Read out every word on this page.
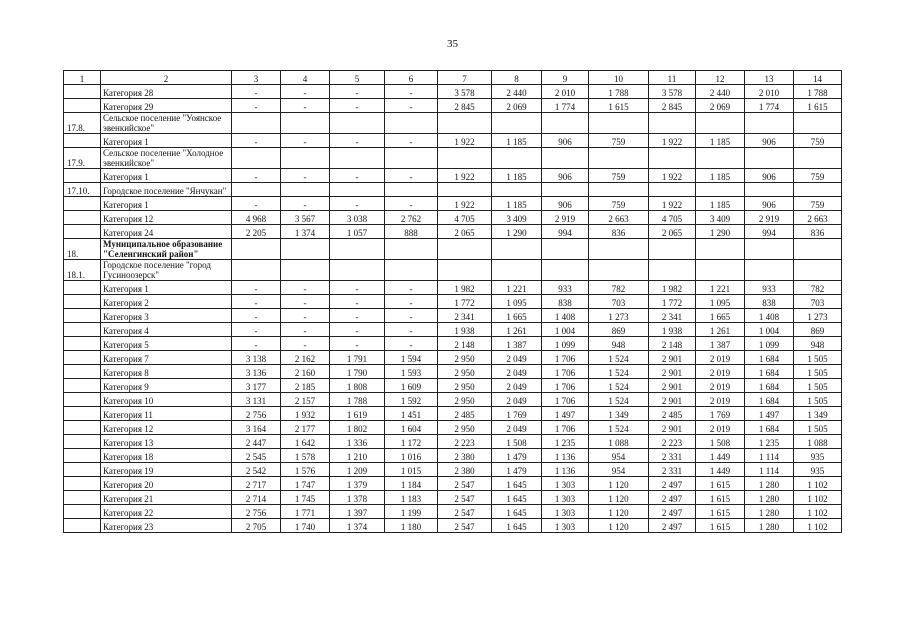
35
1	2	3	4	5	6	7	8	9	10	11	12	13	14
	Категория 28	-	-	-	-	3 578	2 440	2 010	1 788	3 578	2 440	2 010	1 788
	Категория 29	-	-	-	-	2 845	2 069	1 774	1 615	2 845	2 069	1 774	1 615
17.8.	Сельское поселение "Уоянское эвенкийское"												
	Категория 1	-	-	-	-	1 922	1 185	906	759	1 922	1 185	906	759
17.9.	Сельское поселение "Холодное эвенкийское"												
	Категория 1	-	-	-	-	1 922	1 185	906	759	1 922	1 185	906	759
17.10.	Городское поселение "Янчукан"												
	Категория 1	-	-	-	-	1 922	1 185	906	759	1 922	1 185	906	759
	Категория 12	4 968	3 567	3 038	2 762	4 705	3 409	2 919	2 663	4 705	3 409	2 919	2 663
	Категория 24	2 205	1 374	1 057	888	2 065	1 290	994	836	2 065	1 290	994	836
18.	Муниципальное образование "Селенгинский район"												
18.1.	Городское поселение "город Гусиноозерск"												
	Категория 1	-	-	-	-	1 982	1 221	933	782	1 982	1 221	933	782
	Категория 2	-	-	-	-	1 772	1 095	838	703	1 772	1 095	838	703
	Категория 3	-	-	-	-	2 341	1 665	1 408	1 273	2 341	1 665	1 408	1 273
	Категория 4	-	-	-	-	1 938	1 261	1 004	869	1 938	1 261	1 004	869
	Категория 5	-	-	-	-	2 148	1 387	1 099	948	2 148	1 387	1 099	948
	Категория 7	3 138	2 162	1 791	1 594	2 950	2 049	1 706	1 524	2 901	2 019	1 684	1 505
	Категория 8	3 136	2 160	1 790	1 593	2 950	2 049	1 706	1 524	2 901	2 019	1 684	1 505
	Категория 9	3 177	2 185	1 808	1 609	2 950	2 049	1 706	1 524	2 901	2 019	1 684	1 505
	Категория 10	3 131	2 157	1 788	1 592	2 950	2 049	1 706	1 524	2 901	2 019	1 684	1 505
	Категория 11	2 756	1 932	1 619	1 451	2 485	1 769	1 497	1 349	2 485	1 769	1 497	1 349
	Категория 12	3 164	2 177	1 802	1 604	2 950	2 049	1 706	1 524	2 901	2 019	1 684	1 505
	Категория 13	2 447	1 642	1 336	1 172	2 223	1 508	1 235	1 088	2 223	1 508	1 235	1 088
	Категория 18	2 545	1 578	1 210	1 016	2 380	1 479	1 136	954	2 331	1 449	1 114	935
	Категория 19	2 542	1 576	1 209	1 015	2 380	1 479	1 136	954	2 331	1 449	1 114	935
	Категория 20	2 717	1 747	1 379	1 184	2 547	1 645	1 303	1 120	2 497	1 615	1 280	1 102
	Категория 21	2 714	1 745	1 378	1 183	2 547	1 645	1 303	1 120	2 497	1 615	1 280	1 102
	Категория 22	2 756	1 771	1 397	1 199	2 547	1 645	1 303	1 120	2 497	1 615	1 280	1 102
	Категория 23	2 705	1 740	1 374	1 180	2 547	1 645	1 303	1 120	2 497	1 615	1 280	1 102
